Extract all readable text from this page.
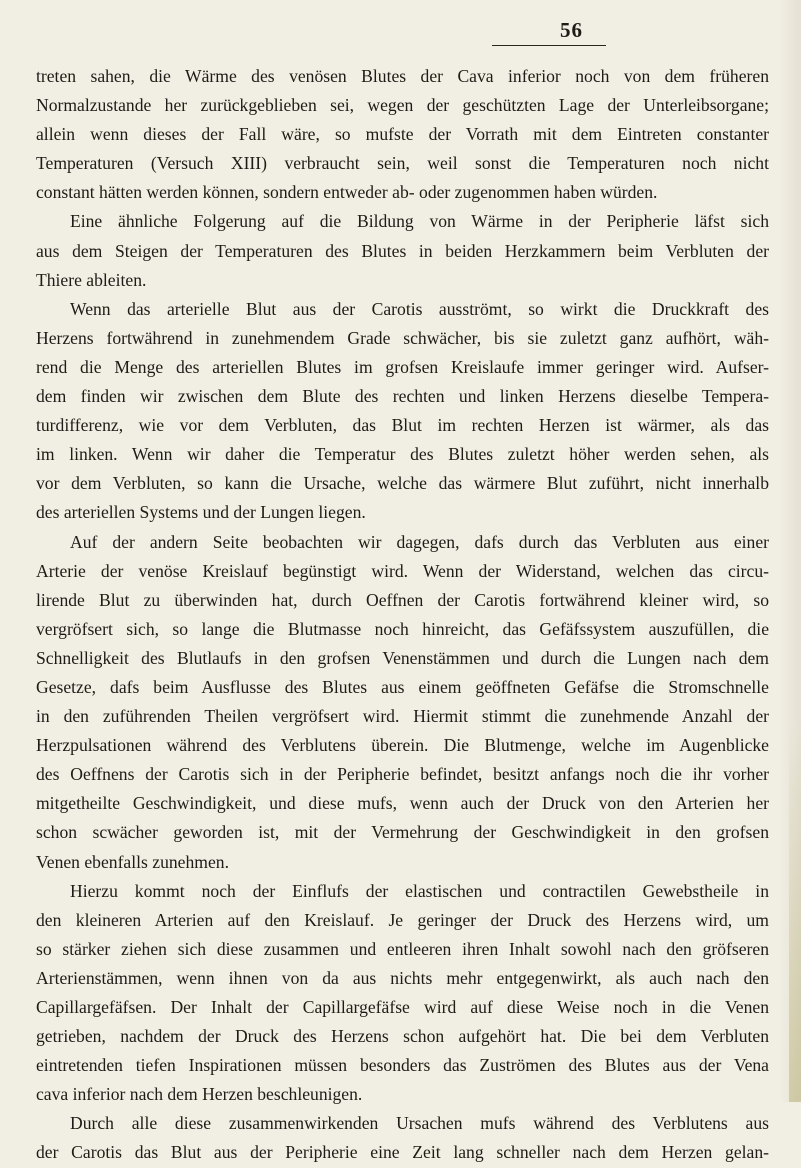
56
treten sahen, die Wärme des venösen Blutes der Cava inferior noch von dem früheren
Normalzustande her zurückgeblieben sei, wegen der geschützten Lage der Unterleibsorgane;
allein wenn dieses der Fall wäre, so mufste der Vorrath mit dem Eintreten constanter
Temperaturen (Versuch XIII) verbraucht sein, weil sonst die Temperaturen noch nicht
constant hätten werden können, sondern entweder ab- oder zugenommen haben würden.
Eine ähnliche Folgerung auf die Bildung von Wärme in der Peripherie läfst sich
aus dem Steigen der Temperaturen des Blutes in beiden Herzkammern beim Verbluten der
Thiere ableiten.
Wenn das arterielle Blut aus der Carotis ausströmt, so wirkt die Druckkraft des
Herzens fortwährend in zunehmendem Grade schwächer, bis sie zuletzt ganz aufhört, wäh-
rend die Menge des arteriellen Blutes im grofsen Kreislaufe immer geringer wird. Aufser-
dem finden wir zwischen dem Blute des rechten und linken Herzens dieselbe Tempera-
turdifferenz, wie vor dem Verbluten, das Blut im rechten Herzen ist wärmer, als das
im linken. Wenn wir daher die Temperatur des Blutes zuletzt höher werden sehen, als
vor dem Verbluten, so kann die Ursache, welche das wärmere Blut zuführt, nicht innerhalb
des arteriellen Systems und der Lungen liegen.
Auf der andern Seite beobachten wir dagegen, dafs durch das Verbluten aus einer
Arterie der venöse Kreislauf begünstigt wird. Wenn der Widerstand, welchen das circu-
lirende Blut zu überwinden hat, durch Oeffnen der Carotis fortwährend kleiner wird, so
vergröfsert sich, so lange die Blutmasse noch hinreicht, das Gefäfssystem auszufüllen, die
Schnelligkeit des Blutlaufs in den grofsen Venenstämmen und durch die Lungen nach dem
Gesetze, dafs beim Ausflusse des Blutes aus einem geöffneten Gefäfse die Stromschnelle
in den zuführenden Theilen vergröfsert wird. Hiermit stimmt die zunehmende Anzahl der
Herzpulsationen während des Verblutens überein. Die Blutmenge, welche im Augenblicke
des Oeffnens der Carotis sich in der Peripherie befindet, besitzt anfangs noch die ihr vorher
mitgetheilte Geschwindigkeit, und diese mufs, wenn auch der Druck von den Arterien her
schon scwächer geworden ist, mit der Vermehrung der Geschwindigkeit in den grofsen
Venen ebenfalls zunehmen.
Hierzu kommt noch der Einflufs der elastischen und contractilen Gewebstheile in
den kleineren Arterien auf den Kreislauf. Je geringer der Druck des Herzens wird, um
so stärker ziehen sich diese zusammen und entleeren ihren Inhalt sowohl nach den gröfseren
Arterienstämmen, wenn ihnen von da aus nichts mehr entgegenwirkt, als auch nach den
Capillargefäfsen. Der Inhalt der Capillargefäfse wird auf diese Weise noch in die Venen
getrieben, nachdem der Druck des Herzens schon aufgehört hat. Die bei dem Verbluten
eintretenden tiefen Inspirationen müssen besonders das Zuströmen des Blutes aus der Vena
cava inferior nach dem Herzen beschleunigen.
Durch alle diese zusammenwirkenden Ursachen mufs während des Verblutens aus
der Carotis das Blut aus der Peripherie eine Zeit lang schneller nach dem Herzen gelan-
